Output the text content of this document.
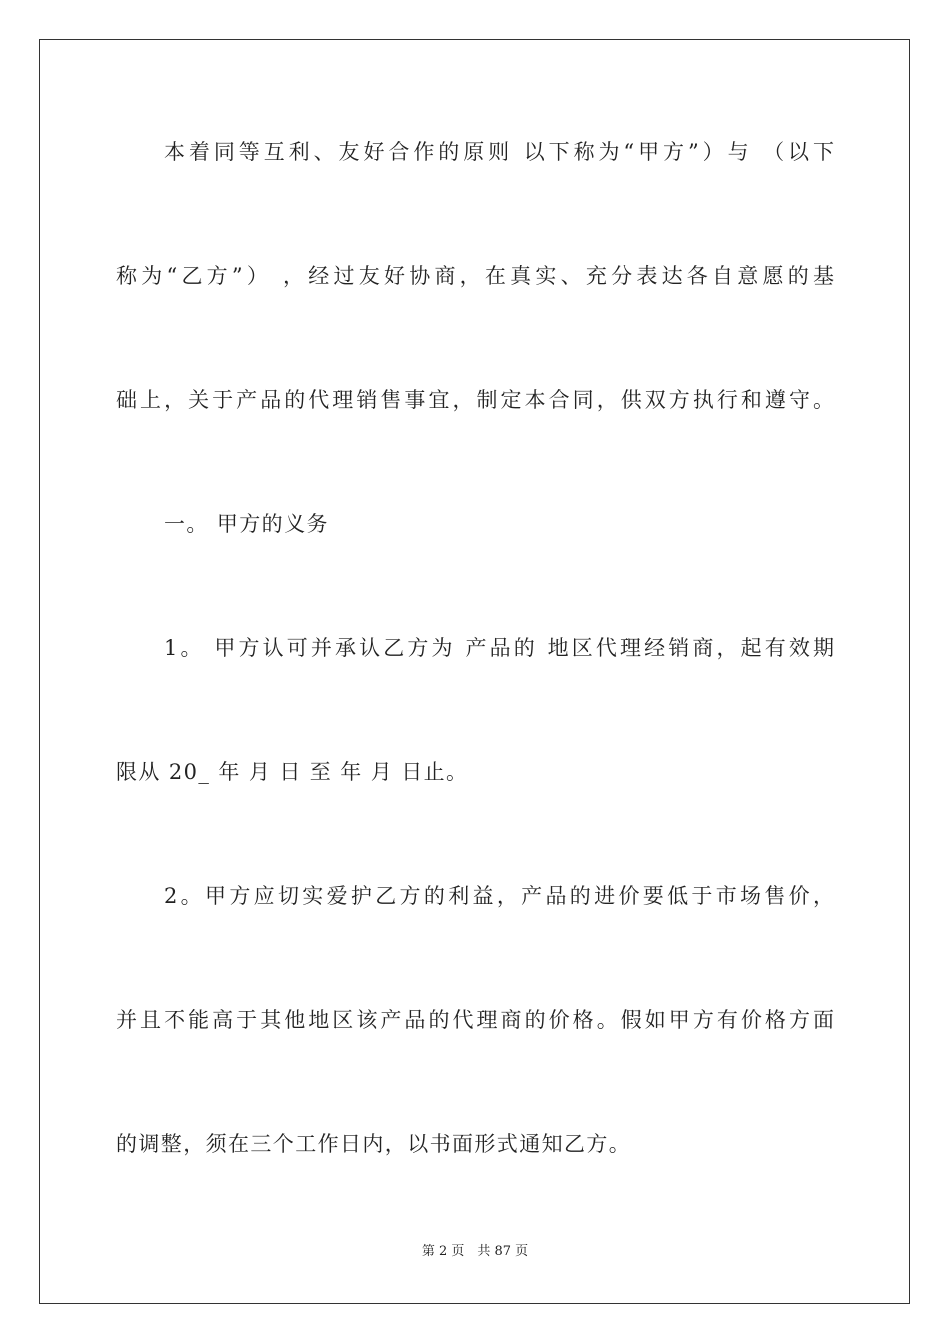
本着同等互利、友好合作的原则 以下称为“甲方”）与 （以下
称为“乙方”） ，经过友好协商，在真实、充分表达各自意愿的基
础上，关于产品的代理销售事宜，制定本合同，供双方执行和遵守。
一。 甲方的义务
1。 甲方认可并承认乙方为 产品的 地区代理经销商，起有效期
限从 20_ 年 月 日 至 年 月 日止。
2。甲方应切实爱护乙方的利益，产品的进价要低于市场售价，
并且不能高于其他地区该产品的代理商的价格。假如甲方有价格方面
的调整，须在三个工作日内，以书面形式通知乙方。
第 2 页　共 87 页
